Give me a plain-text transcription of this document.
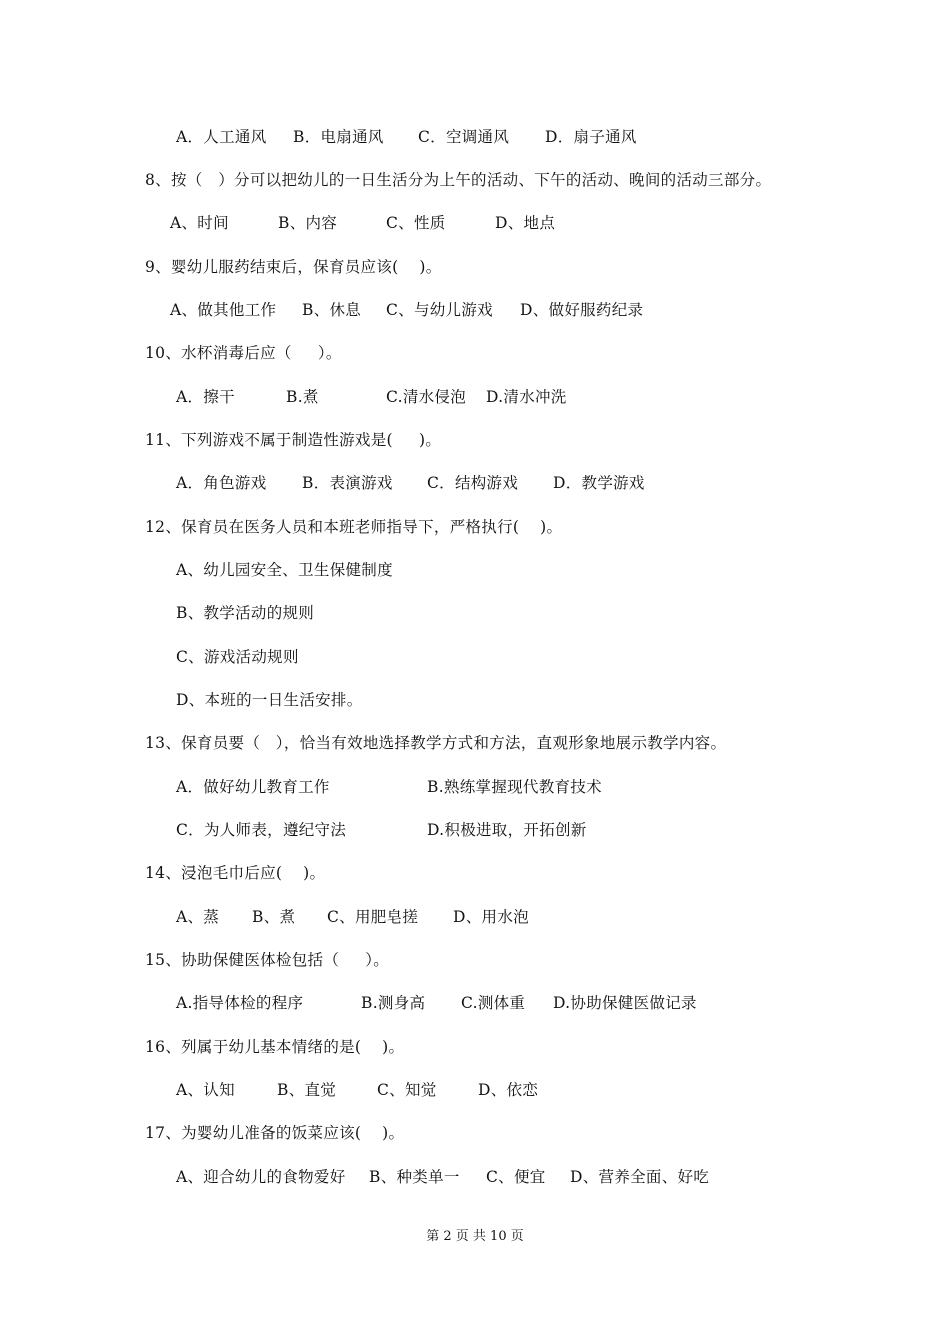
A．人工通风 B．电扇通风 C．空调通风 D．扇子通风
8、按（   ）分可以把幼儿的一日生活分为上午的活动、下午的活动、晚间的活动三部分。
A、时间	B、内容	C、性质	D、地点
9、婴幼儿服药结束后，保育员应该(    )。
A、做其他工作 B、休息 C、与幼儿游戏 D、做好服药纪录
10、水杯消毒后应（     ）。
A．擦干	B.煮	C.清水侵泡 D.清水冲洗
11、下列游戏不属于制造性游戏是(     )。
A．角色游戏 B．表演游戏 C．结构游戏 D．教学游戏
12、保育员在医务人员和本班老师指导下，严格执行(    )。
A、幼儿园安全、卫生保健制度
B、教学活动的规则
C、游戏活动规则
D、本班的一日生活安排。
13、保育员要（   ），恰当有效地选择教学方式和方法，直观形象地展示教学内容。
A．做好幼儿教育工作	B.熟练掌握现代教育技术
C．为人师表，遵纪守法	D.积极进取，开拓创新
14、浸泡毛巾后应(    )。
A、蒸 B、煮 C、用肥皂搓 D、用水泡
15、协助保健医体检包括（     ）。
A.指导体检的程序	B.测身高 C.测体重 D.协助保健医做记录
16、列属于幼儿基本情绪的是(    )。
A、认知	B、直觉	C、知觉	D、依恋
17、为婴幼儿准备的饭菜应该(    )。
A、迎合幼儿的食物爱好 B、种类单一 C、便宜 D、营养全面、好吃
第 2 页 共 10 页
